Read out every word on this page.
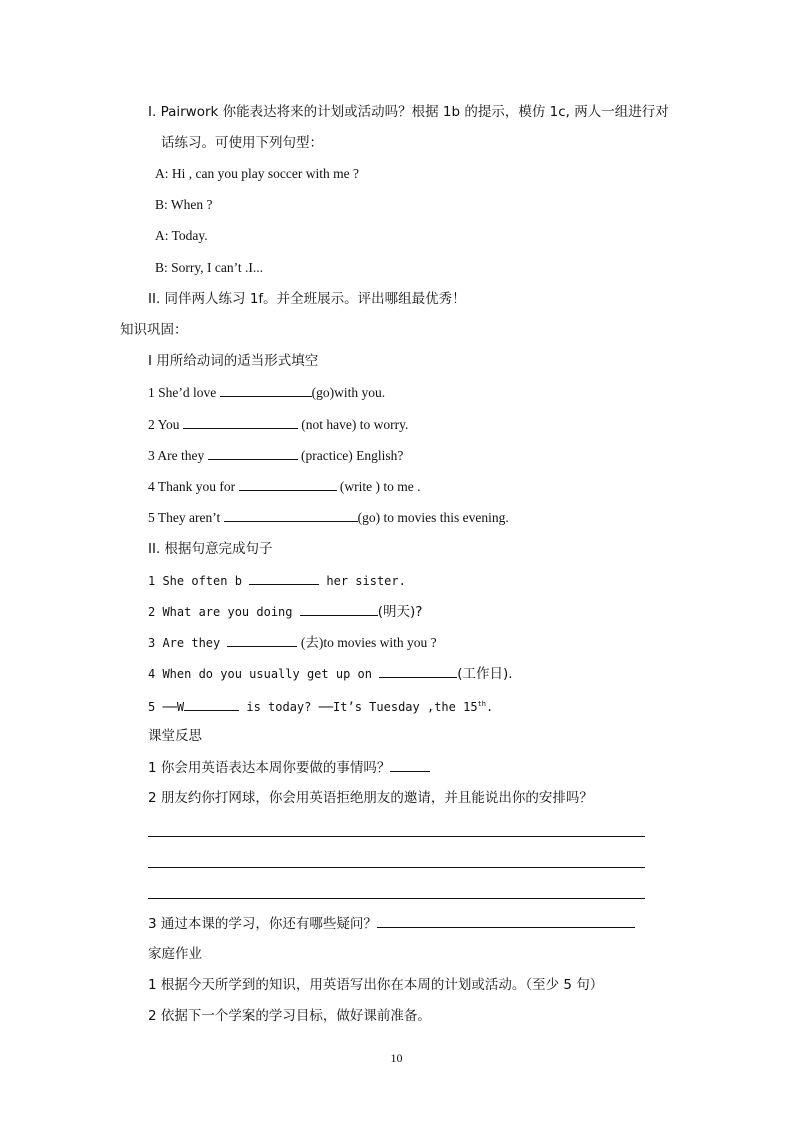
I. Pairwork 你能表达将来的计划或活动吗？根据 1b 的提示，模仿 1c, 两人一组进行对
话练习。可使用下列句型：
A: Hi , can you play soccer with me ?
B: When ?
A: Today.
B: Sorry, I can’t .I...
II. 同伴两人练习 1f。并全班展示。评出哪组最优秀！
知识巩固：
I 用所给动词的适当形式填空
1 She’d love	(go)with you.
2 You	(not have) to worry.
3 Are they	(practice) English?
4 Thank you for	(write ) to me .
5 They aren’t	(go) to movies this evening.
II. 根据句意完成句子
1 She often b	her sister.
2 What are you doing	(明天)?
3 Are they	(去)to movies with you ?
4 When do you usually get up on	(工作日).
5 ──W	is today? ──It’s Tuesday ,the 15th.
课堂反思
1 你会用英语表达本周你要做的事情吗？
2 朋友约你打网球，你会用英语拒绝朋友的邀请，并且能说出你的安排吗？
3 通过本课的学习，你还有哪些疑问？
家庭作业
1 根据今天所学到的知识，用英语写出你在本周的计划或活动。（至少 5 句）
2 依据下一个学案的学习目标，做好课前准备。
10
